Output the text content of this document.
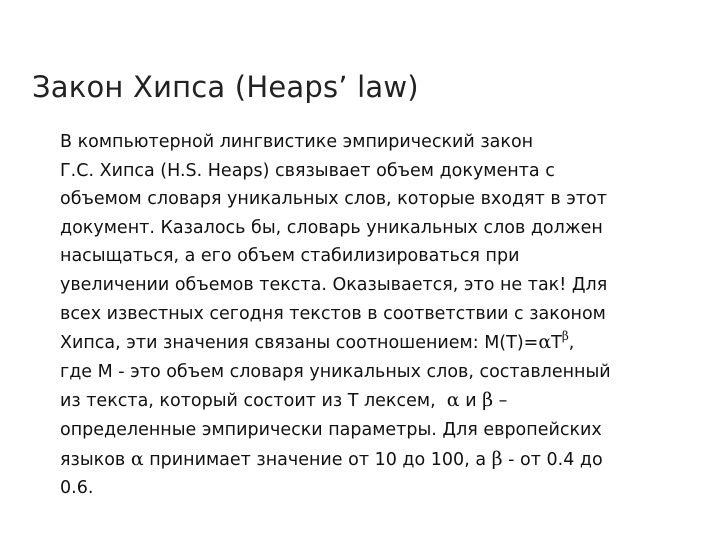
Закон Хипса (Heaps’ law)
В компьютерной лингвистике эмпирический закон
Г.С. Хипса (H.S. Heaps) связывает объем документа с
объемом словаря уникальных слов, которые входят в этот
документ. Казалось бы, словарь уникальных слов должен
насыщаться, а его объем стабилизироваться при
увеличении объемов текста. Оказывается, это не так! Для
всех известных сегодня текстов в соответствии с законом
Хипса, эти значения связаны соотношением: $M(T)=\alpha T^\beta$,
где M - это объем словаря уникальных слов, составленный
из текста, который состоит из T лексем, α и β –
определенные эмпирически параметры. Для европейских
языков α принимает значение от 10 до 100, а β - от 0.4 до
0.6.
